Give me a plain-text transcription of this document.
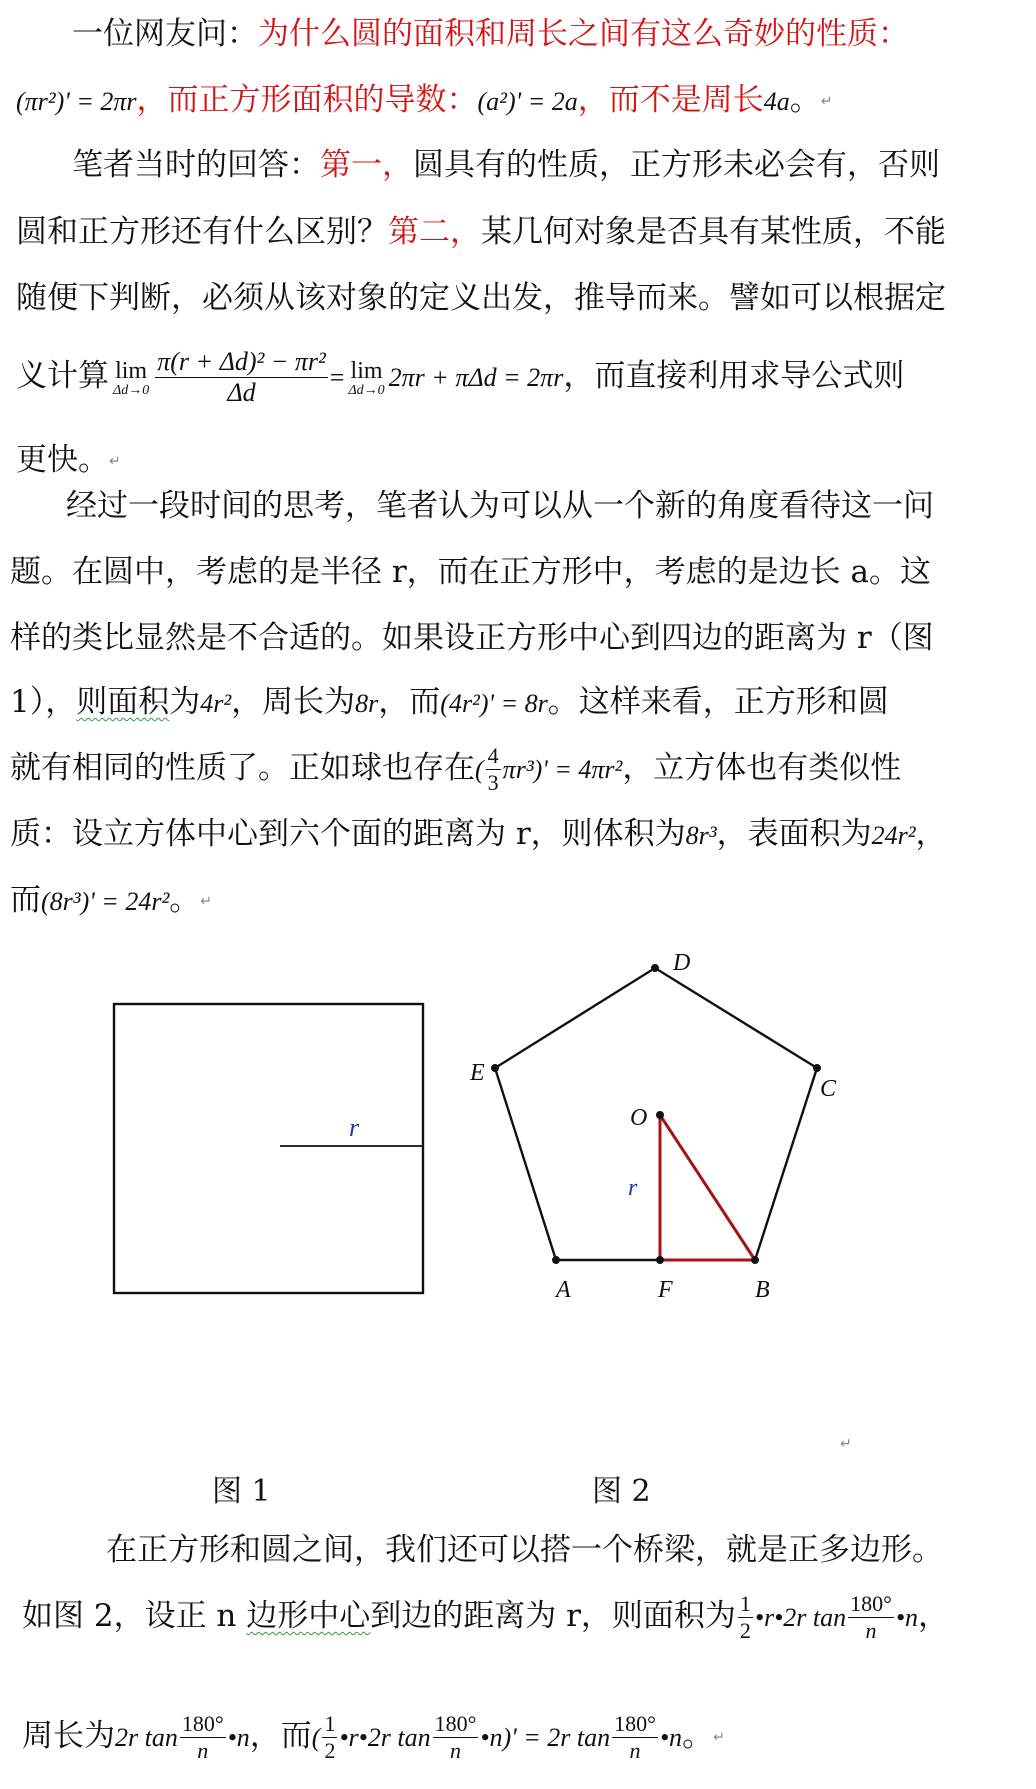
一位网友问：为什么圆的面积和周长之间有这么奇妙的性质：
(πr²)' = 2πr，而正方形面积的导数：(a²)' = 2a，而不是周长4a。↵
笔者当时的回答：第一，圆具有的性质，正方形未必会有，否则
圆和正方形还有什么区别？第二，某几何对象是否具有某性质，不能
随便下判断，必须从该对象的定义出发，推导而来。譬如可以根据定
义计算 lim
$\Delta d\to 0 \frac{\text{π(r + Δd)² − πr²}}{\Delta d} = \lim$
Δd→0 2πr + πΔd = 2πr，而直接利用求导公式则
更快。↵
经过一段时间的思考，笔者认为可以从一个新的角度看待这一问
题。在圆中，考虑的是半径 r，而在正方形中，考虑的是边长 a。这
样的类比显然是不合适的。如果设正方形中心到四边的距离为 r（图
1），则面积为4r²，周长为8r，而(4r²)' = 8r。这样来看，正方形和圆
就有相同的性质了。正如球也存在( $\frac{4}{3} \pi r^3)' = 4\pi r^2$，立方体也有类似性
质：设立方体中心到六个面的距离为 r，则体积为8r³，表面积为24r²，
而(8r³)' = 24r²。↵
r
A	B
C
D
E
F
O
r
↵
图 1	图 2
在正方形和圆之间，我们还可以搭一个桥梁，就是正多边形。
如图 2，设正 n 边形中心到边的距离为 r，则面积为 $\frac{1}{2}$ •r•2r $\tan \frac{180^\circ}{n}$ •n，
周长为2r $\tan \frac{180^\circ}{n}$ •n，而( $\frac{1}{2}$ •r•2r $\tan \frac{180^\circ}{n}$ •n)' = 2r $\tan \frac{180^\circ}{n}$ •n。↵
